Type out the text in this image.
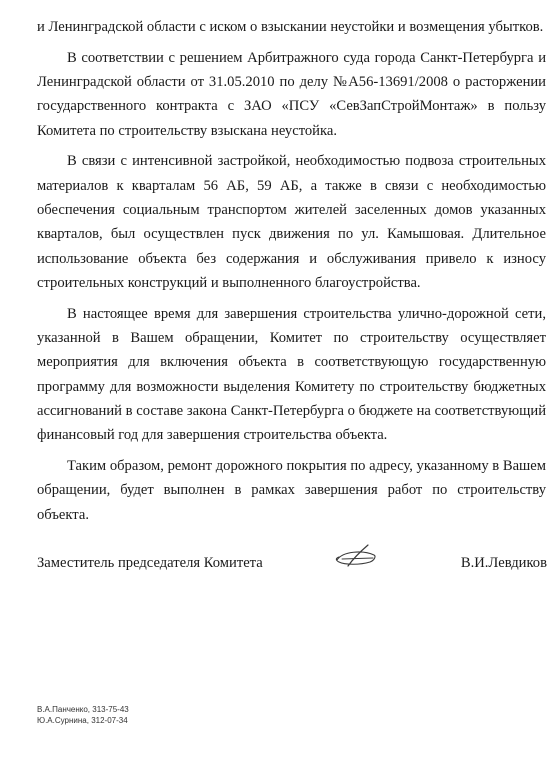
и Ленинградской области с иском о взыскании неустойки и возмещения убытков.

В соответствии с решением Арбитражного суда города Санкт-Петербурга и Ленинградской области от 31.05.2010 по делу №А56-13691/2008 о расторжении государственного контракта с ЗАО «ПСУ «СевЗапСтройМонтаж» в пользу Комитета по строительству взыскана неустойка.

В связи с интенсивной застройкой, необходимостью подвоза строительных материалов к кварталам 56 АБ, 59 АБ, а также в связи с необходимостью обеспечения социальным транспортом жителей заселенных домов указанных кварталов, был осуществлен пуск движения по ул. Камышовая. Длительное использование объекта без содержания и обслуживания привело к износу строительных конструкций и выполненного благоустройства.

В настоящее время для завершения строительства улично-дорожной сети, указанной в Вашем обращении, Комитет по строительству осуществляет мероприятия для включения объекта в соответствующую государственную программу для возможности выделения Комитету по строительству бюджетных ассигнований в составе закона Санкт-Петербурга о бюджете на соответствующий финансовый год для завершения строительства объекта.

Таким образом, ремонт дорожного покрытия по адресу, указанному в Вашем обращении, будет выполнен в рамках завершения работ по строительству объекта.

Заместитель председателя Комитета	В.И.Левдиков
В.А.Панченко, 313-75-43
Ю.А.Сурнина, 312-07-34
